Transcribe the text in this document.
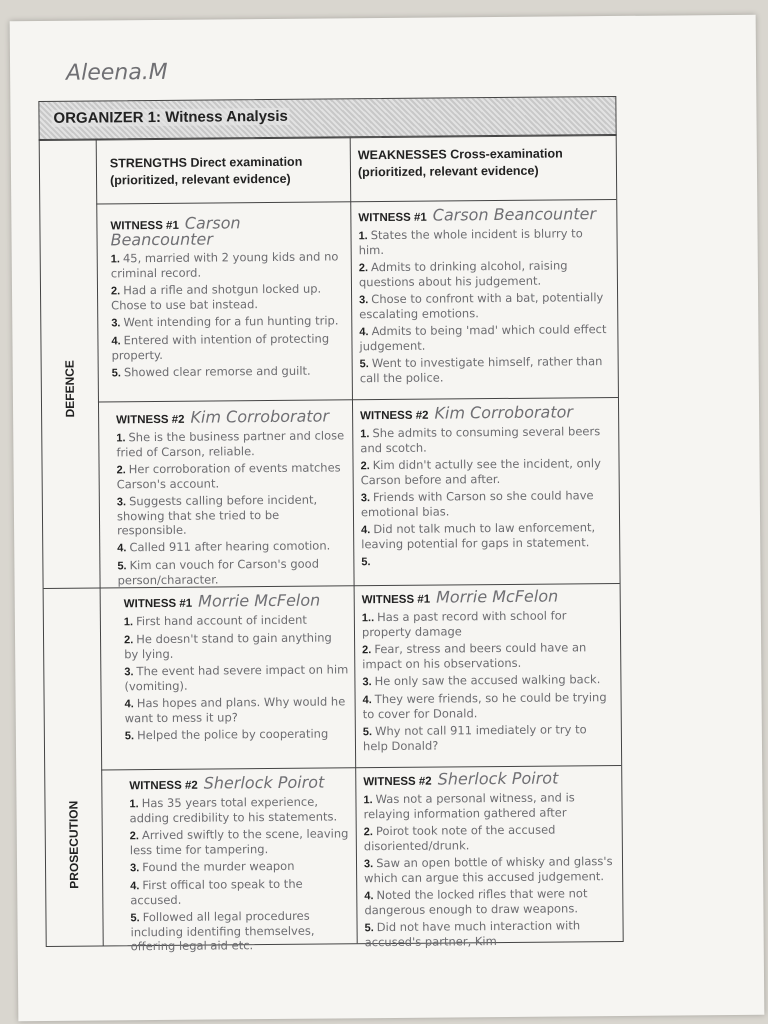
Aleena.M
ORGANIZER 1: Witness Analysis
DEFENCE
PROSECUTION
STRENGTHS Direct examination
(prioritized, relevant evidence)
WEAKNESSES Cross-examination
(prioritized, relevant evidence)
WITNESS #1 Carson Beancounter
1. 45, married with 2 young kids and no criminal record.
2. Had a rifle and shotgun locked up. Chose to use bat instead.
3. Went intending for a fun hunting trip.
4. Entered with intention of protecting property.
5. Showed clear remorse and guilt.
WITNESS #1 Carson Beancounter
1. States the whole incident is blurry to him.
2. Admits to drinking alcohol, raising questions about his judgement.
3. Chose to confront with a bat, potentially escalating emotions.
4. Admits to being 'mad' which could effect judgement.
5. Went to investigate himself, rather than call the police.
WITNESS #2 Kim Corroborator
1. She is the business partner and close fried of Carson, reliable.
2. Her corroboration of events matches Carson's account.
3. Suggests calling before incident, showing that she tried to be responsible.
4. Called 911 after hearing comotion.
5. Kim can vouch for Carson's good person/character.
WITNESS #2 Kim Corroborator
1. She admits to consuming several beers and scotch.
2. Kim didn't actully see the incident, only Carson before and after.
3. Friends with Carson so she could have emotional bias.
4. Did not talk much to law enforcement, leaving potential for gaps in statement.
5.
WITNESS #1 Morrie McFelon
1. First hand account of incident
2. He doesn't stand to gain anything by lying.
3. The event had severe impact on him (vomiting).
4. Has hopes and plans. Why would he want to mess it up?
5. Helped the police by cooperating
WITNESS #1 Morrie McFelon
1.. Has a past record with school for property damage
2. Fear, stress and beers could have an impact on his observations.
3. He only saw the accused walking back.
4. They were friends, so he could be trying to cover for Donald.
5. Why not call 911 imediately or try to help Donald?
WITNESS #2 Sherlock Poirot
1. Has 35 years total experience, adding credibility to his statements.
2. Arrived swiftly to the scene, leaving less time for tampering.
3. Found the murder weapon
4. First offical too speak to the accused.
5. Followed all legal procedures including identifing themselves, offering legal aid etc.
WITNESS #2 Sherlock Poirot
1. Was not a personal witness, and is relaying information gathered after
2. Poirot took note of the accused disoriented/drunk.
3. Saw an open bottle of whisky and glass's which can argue this accused judgement.
4. Noted the locked rifles that were not dangerous enough to draw weapons.
5. Did not have much interaction with accused's partner, Kim
